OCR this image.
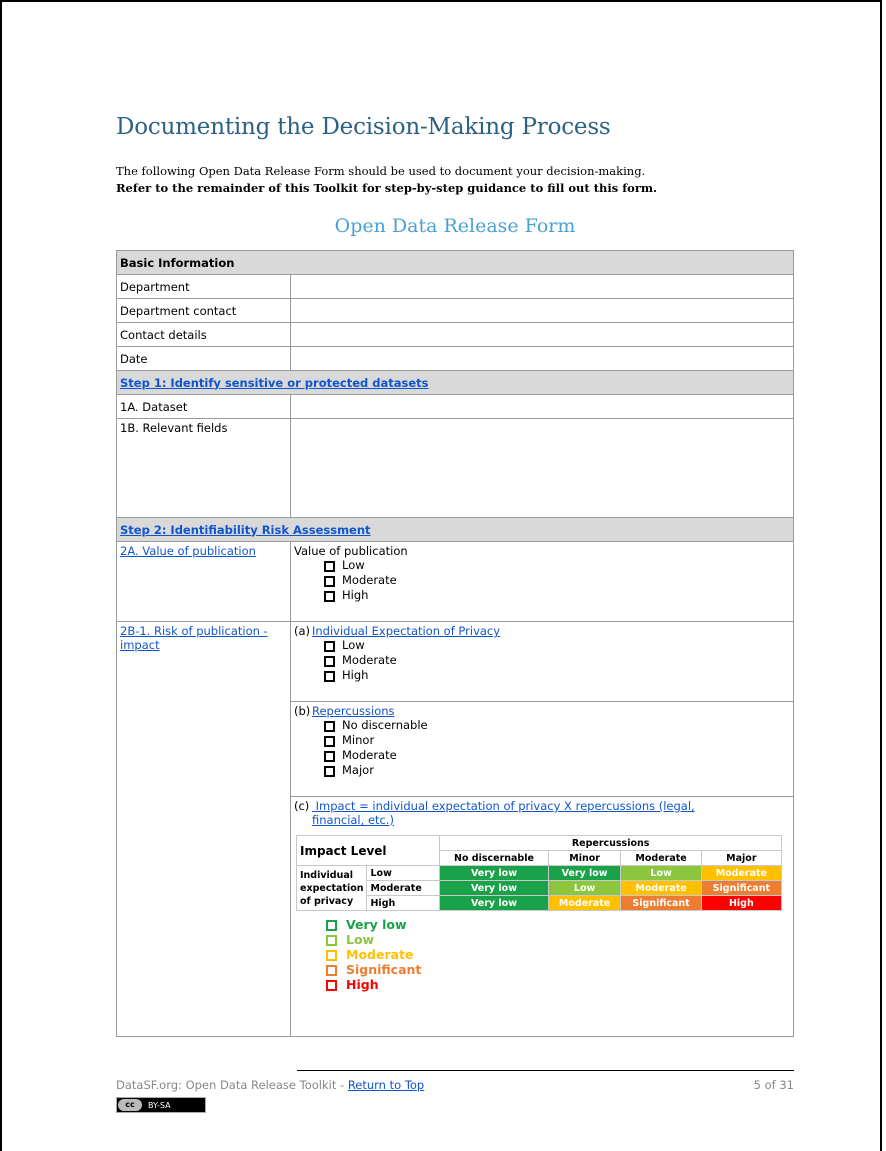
Documenting the Decision-Making Process
The following Open Data Release Form should be used to document your decision-making.
Refer to the remainder of this Toolkit for step-by-step guidance to fill out this form.
Open Data Release Form
Basic Information
Department	
Department contact	
Contact details	
Date	
Step 1: Identify sensitive or protected datasets
1A. Dataset	
1B. Relevant fields	
Step 2: Identifiability Risk Assessment
2A. Value of publication	Value of publication
Low
Moderate
High

2B-1. Risk of publication - impact	
(a) Individual Expectation of Privacy
Low
Moderate
High

(b) Repercussions
No discernable
Minor
Moderate
Major

(c) Impact = individual expectation of privacy X repercussions (legal,
financial, etc.)
Impact Level	Repercussions
No discernable	Minor	Moderate	Major
Individual expectation of privacy	Low	Very low	Very low	Low	Moderate
Moderate	Very low	Low	Moderate	Significant
High	Very low	Moderate	Significant	High
Very low
Low
Moderate
Significant
High
DataSF.org: Open Data Release Toolkit - Return to Top	5 of 31
cc	BY-SA
